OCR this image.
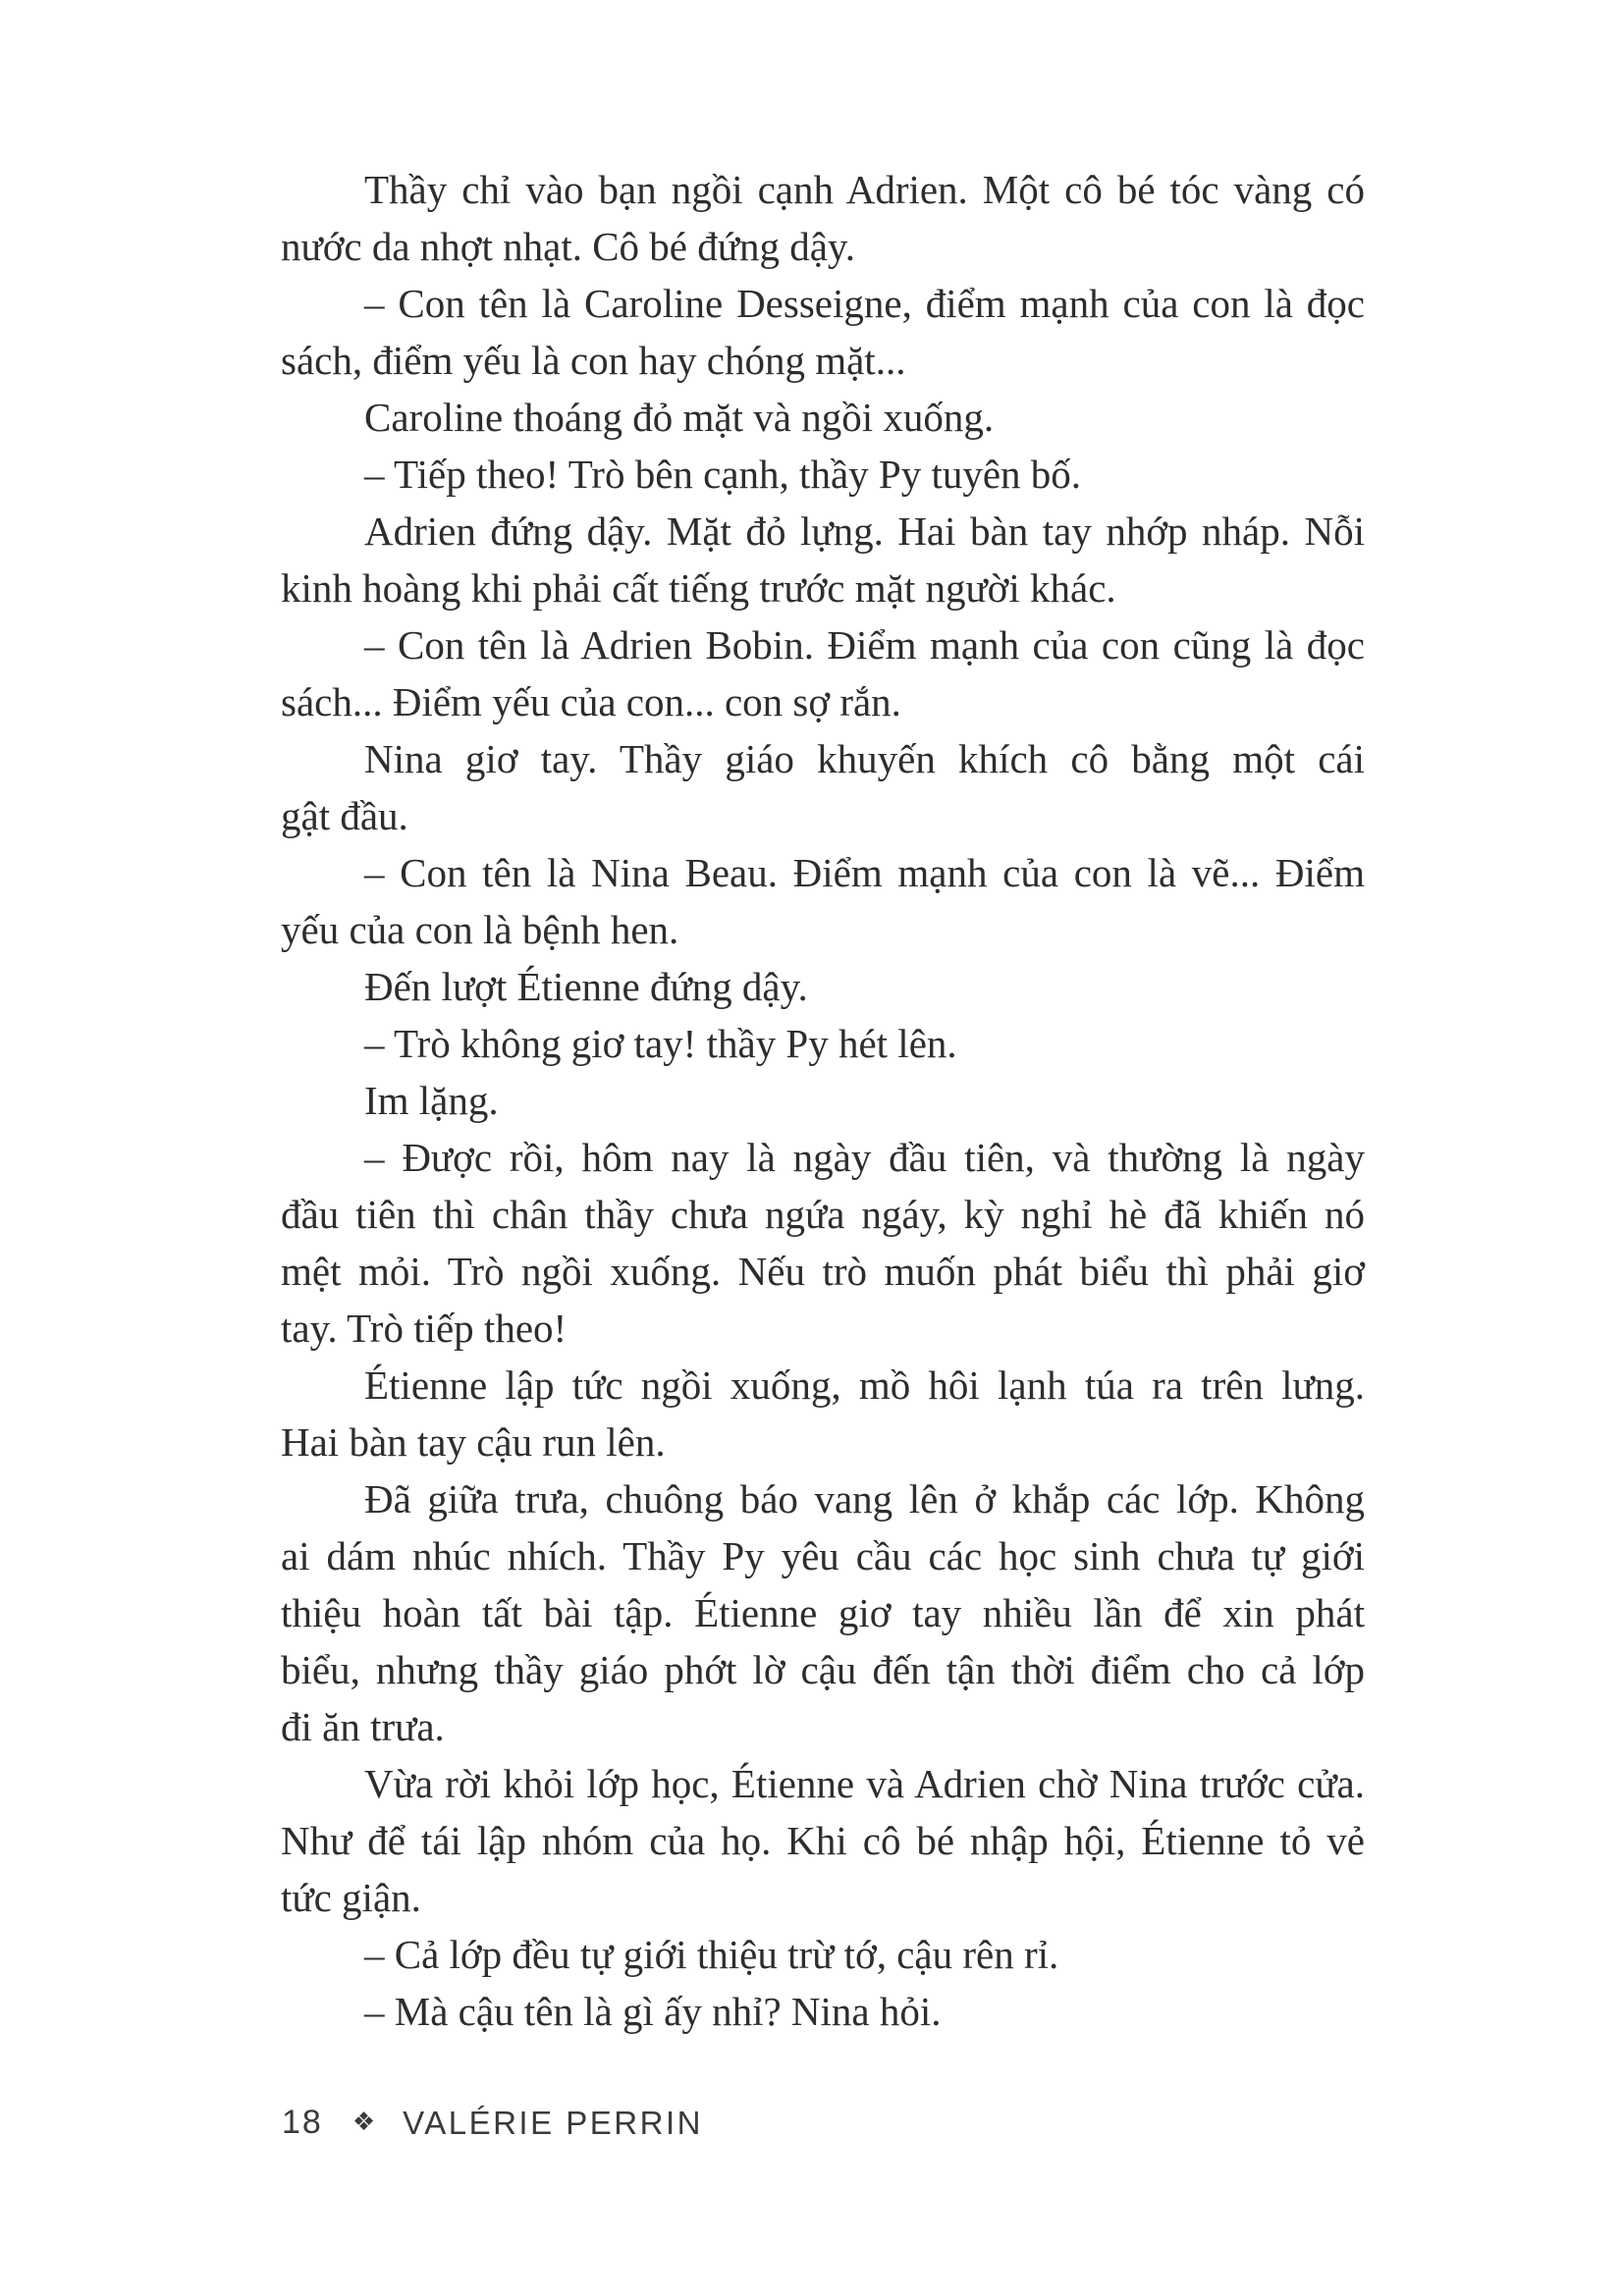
Thầy chỉ vào bạn ngồi cạnh Adrien. Một cô bé tóc vàng có
nước da nhợt nhạt. Cô bé đứng dậy.
– Con tên là Caroline Desseigne, điểm mạnh của con là đọc
sách, điểm yếu là con hay chóng mặt...
Caroline thoáng đỏ mặt và ngồi xuống.
– Tiếp theo! Trò bên cạnh, thầy Py tuyên bố.
Adrien đứng dậy. Mặt đỏ lựng. Hai bàn tay nhớp nháp. Nỗi
kinh hoàng khi phải cất tiếng trước mặt người khác.
– Con tên là Adrien Bobin. Điểm mạnh của con cũng là đọc
sách... Điểm yếu của con... con sợ rắn.
Nina giơ tay. Thầy giáo khuyến khích cô bằng một cái
gật đầu.
– Con tên là Nina Beau. Điểm mạnh của con là vẽ... Điểm
yếu của con là bệnh hen.
Đến lượt Étienne đứng dậy.
– Trò không giơ tay! thầy Py hét lên.
Im lặng.
– Được rồi, hôm nay là ngày đầu tiên, và thường là ngày
đầu tiên thì chân thầy chưa ngứa ngáy, kỳ nghỉ hè đã khiến nó
mệt mỏi. Trò ngồi xuống. Nếu trò muốn phát biểu thì phải giơ
tay. Trò tiếp theo!
Étienne lập tức ngồi xuống, mồ hôi lạnh túa ra trên lưng.
Hai bàn tay cậu run lên.
Đã giữa trưa, chuông báo vang lên ở khắp các lớp. Không
ai dám nhúc nhích. Thầy Py yêu cầu các học sinh chưa tự giới
thiệu hoàn tất bài tập. Étienne giơ tay nhiều lần để xin phát
biểu, nhưng thầy giáo phớt lờ cậu đến tận thời điểm cho cả lớp
đi ăn trưa.
Vừa rời khỏi lớp học, Étienne và Adrien chờ Nina trước cửa.
Như để tái lập nhóm của họ. Khi cô bé nhập hội, Étienne tỏ vẻ
tức giận.
– Cả lớp đều tự giới thiệu trừ tớ, cậu rên rỉ.
– Mà cậu tên là gì ấy nhỉ? Nina hỏi.
18 ❖ VALÉRIE PERRIN
